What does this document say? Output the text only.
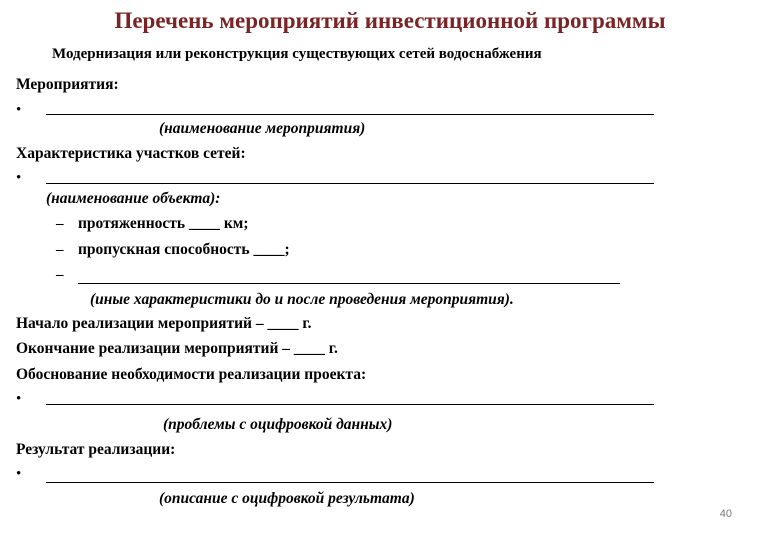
Перечень мероприятий инвестиционной программы
Модернизация или реконструкция существующих сетей водоснабжения
Мероприятия:
•
(наименование мероприятия)
Характеристика участков сетей:
•
(наименование объекта):
– протяженность ____ км;
– пропускная способность ____;
–
(иные характеристики до и после проведения мероприятия).
Начало реализации мероприятий – ____ г.
Окончание реализации мероприятий – ____ г.
Обоснование необходимости реализации проекта:
•
(проблемы с оцифровкой данных)
Результат реализации:
•
(описание с оцифровкой результата)
40
